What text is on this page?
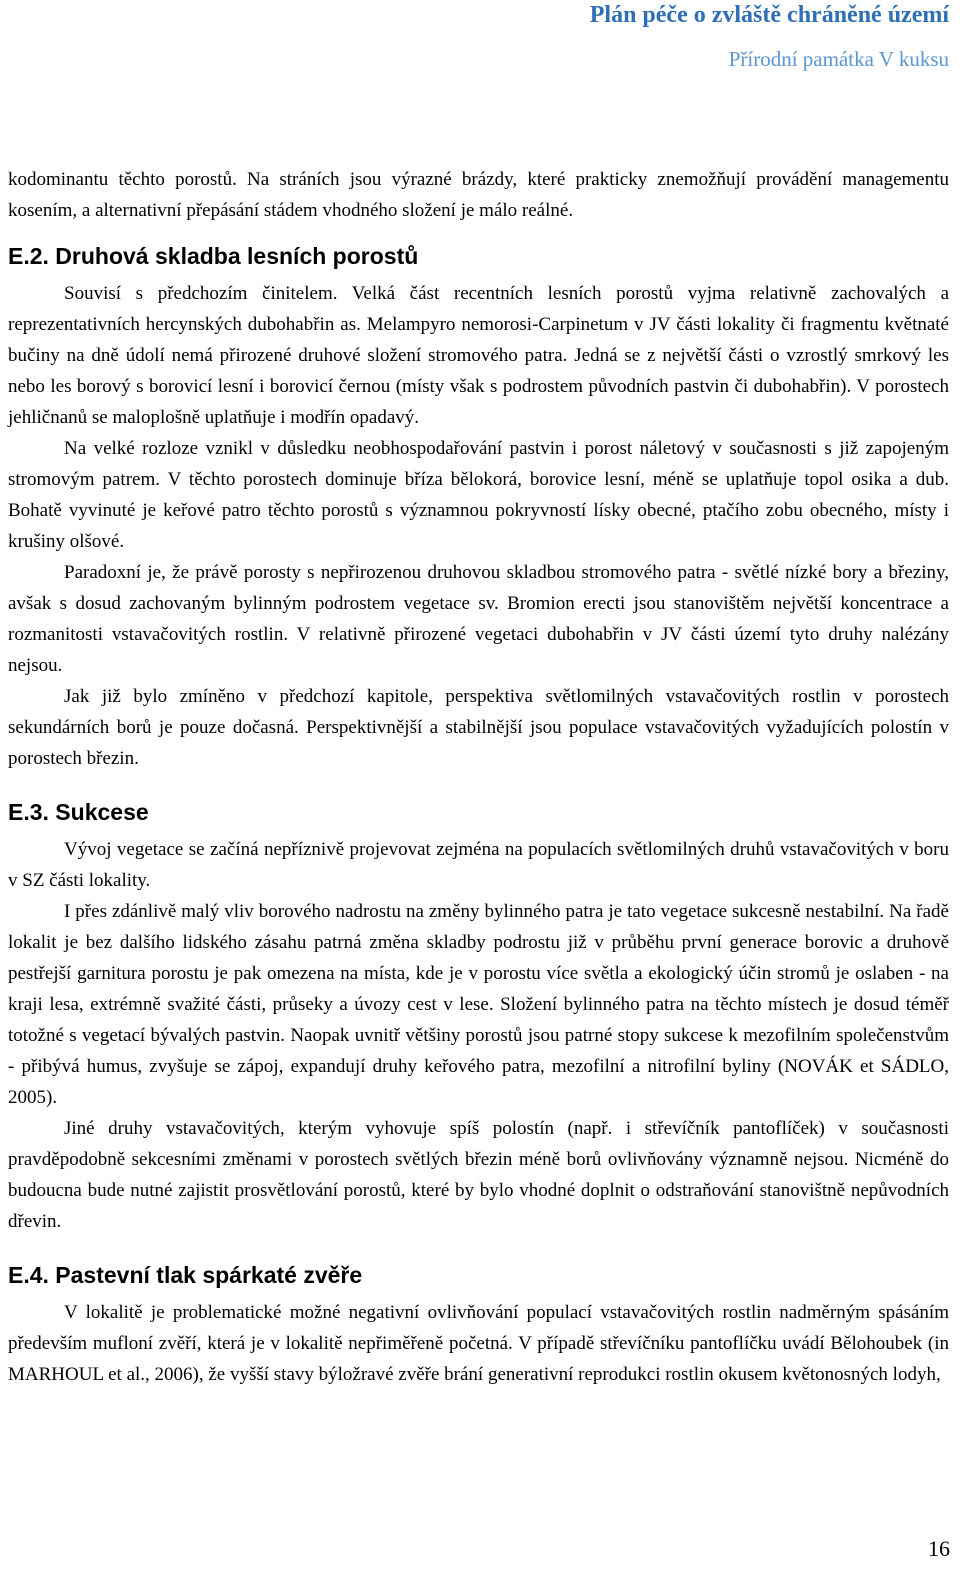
Plán péče o zvláště chráněné území
Přírodní památka V kuksu

kodominantu těchto porostů. Na stráních jsou výrazné brázdy, které prakticky znemožňují provádění managementu kosením, a alternativní přepásání stádem vhodného složení je málo reálné.

E.2. Druhová skladba lesních porostů

Souvisí s předchozím činitelem. Velká část recentních lesních porostů vyjma relativně zachovalých a reprezentativních hercynských dubohabřin as. Melampyro nemorosi-Carpinetum v JV části lokality či fragmentu květnaté bučiny na dně údolí nemá přirozené druhové složení stromového patra. Jedná se z největší části o vzrostlý smrkový les nebo les borový s borovicí lesní i borovicí černou (místy však s podrostem původních pastvin či dubohabřin). V porostech jehličnanů se maloplošně uplatňuje i modřín opadavý.

Na velké rozloze vznikl v důsledku neobhospodařování pastvin i porost náletový v současnosti s již zapojeným stromovým patrem. V těchto porostech dominuje bříza bělokorá, borovice lesní, méně se uplatňuje topol osika a dub. Bohatě vyvinuté je keřové patro těchto porostů s významnou pokryvností lísky obecné, ptačího zobu obecného, místy i krušiny olšové.

Paradoxní je, že právě porosty s nepřirozenou druhovou skladbou stromového patra - světlé nízké bory a březiny, avšak s dosud zachovaným bylinným podrostem vegetace sv. Bromion erecti jsou stanovištěm největší koncentrace a rozmanitosti vstavačovitých rostlin. V relativně přirozené vegetaci dubohabřin v JV části území tyto druhy nalézány nejsou.

Jak již bylo zmíněno v předchozí kapitole, perspektiva světlomilných vstavačovitých rostlin v porostech sekundárních borů je pouze dočasná. Perspektivnější a stabilnější jsou populace vstavačovitých vyžadujících polostín v porostech březin.

E.3. Sukcese

Vývoj vegetace se začíná nepříznivě projevovat zejména na populacích světlomilných druhů vstavačovitých v boru v SZ části lokality.

I přes zdánlivě malý vliv borového nadrostu na změny bylinného patra je tato vegetace sukcesně nestabilní. Na řadě lokalit je bez dalšího lidského zásahu patrná změna skladby podrostu již v průběhu první generace borovic a druhově pestřejší garnitura porostu je pak omezena na místa, kde je v porostu více světla a ekologický účin stromů je oslaben - na kraji lesa, extrémně svažité části, průseky a úvozy cest v lese. Složení bylinného patra na těchto místech je dosud téměř totožné s vegetací bývalých pastvin. Naopak uvnitř většiny porostů jsou patrné stopy sukcese k mezofilním společenstvům - přibývá humus, zvyšuje se zápoj, expandují druhy keřového patra, mezofilní a nitrofilní byliny (NOVÁK et SÁDLO, 2005).

Jiné druhy vstavačovitých, kterým vyhovuje spíš polostín (např. i střevíčník pantoflíček) v současnosti pravděpodobně sekcesními změnami v porostech světlých březin méně borů ovlivňovány významně nejsou. Nicméně do budoucna bude nutné zajistit prosvětlování porostů, které by bylo vhodné doplnit o odstraňování stanovištně nepůvodních dřevin.

E.4. Pastevní tlak spárkaté zvěře

V lokalitě je problematické možné negativní ovlivňování populací vstavačovitých rostlin nadměrným spásáním především mufloní zvěří, která je v lokalitě nepřiměřeně početná. V případě střevíčníku pantoflíčku uvádí Bělohoubek (in MARHOUL et al., 2006), že vyšší stavy býložravé zvěře brání generativní reprodukci rostlin okusem květonosných lodyh,

16
